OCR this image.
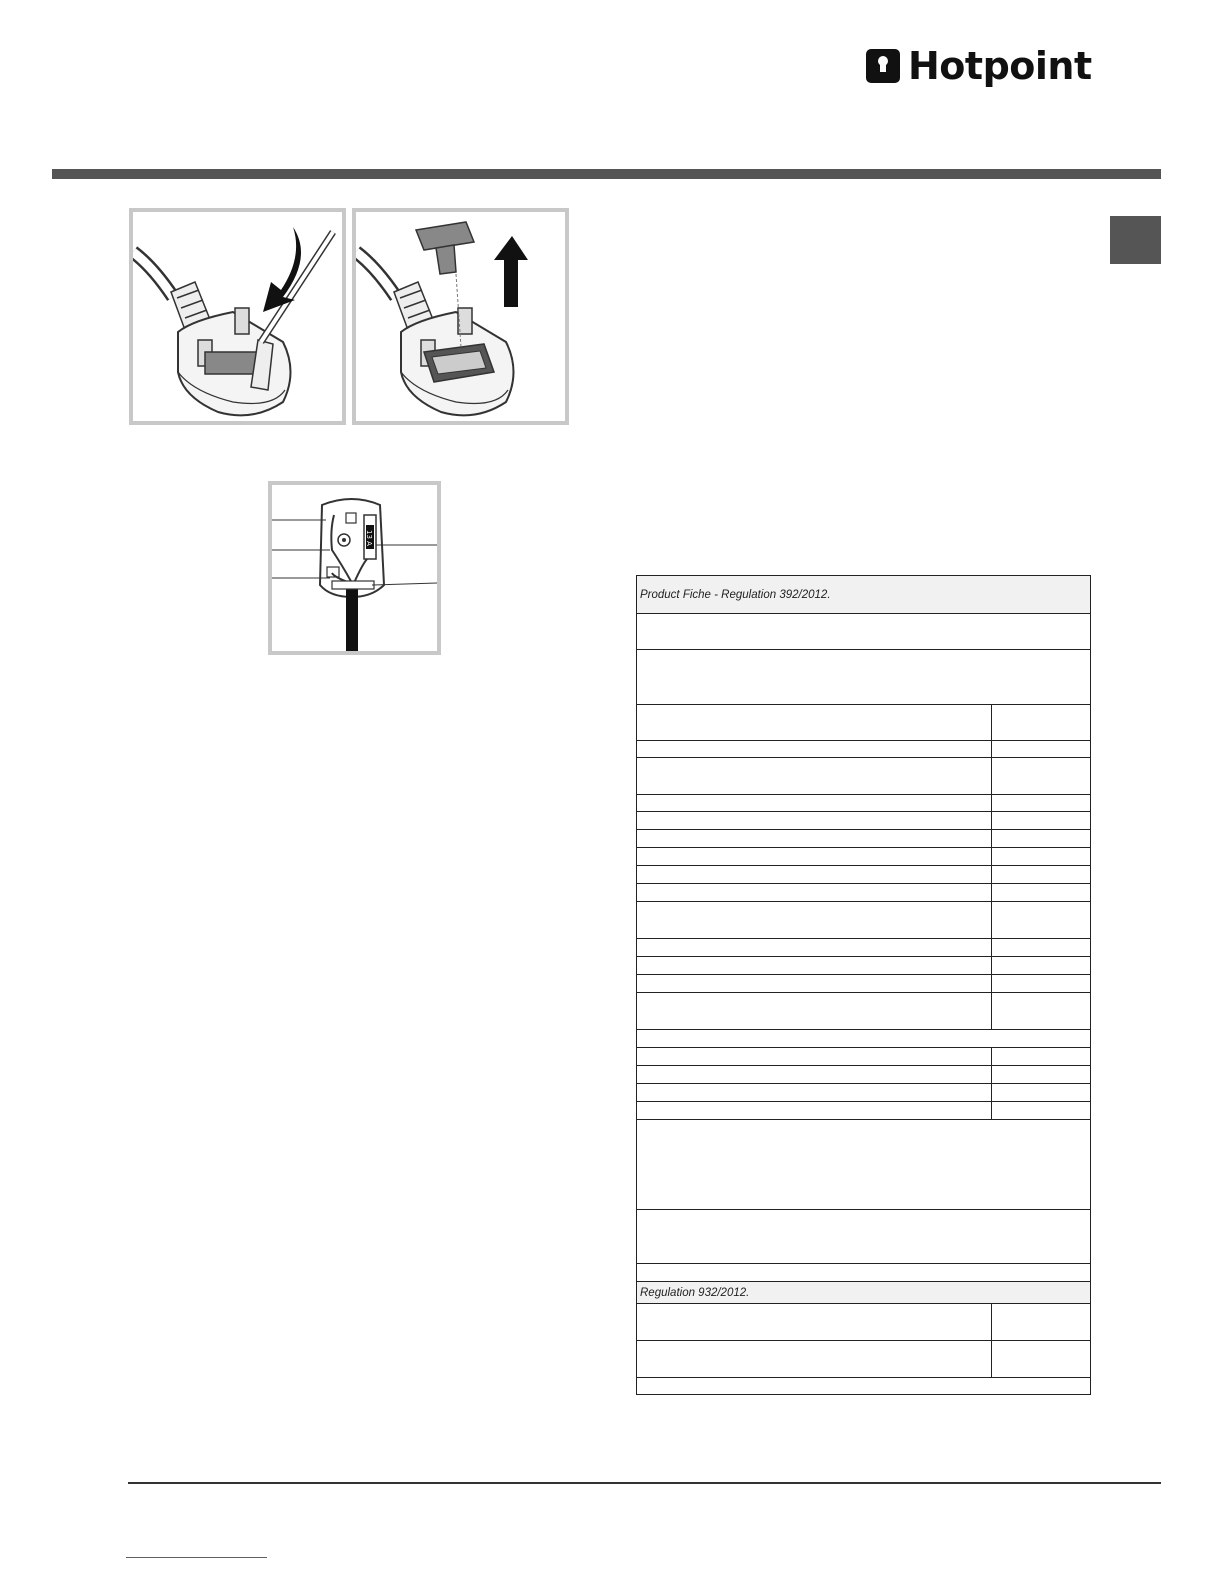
Hotpoint
13 A
Product Fiche - Regulation 392/2012.	

Regulation 932/2012.	
